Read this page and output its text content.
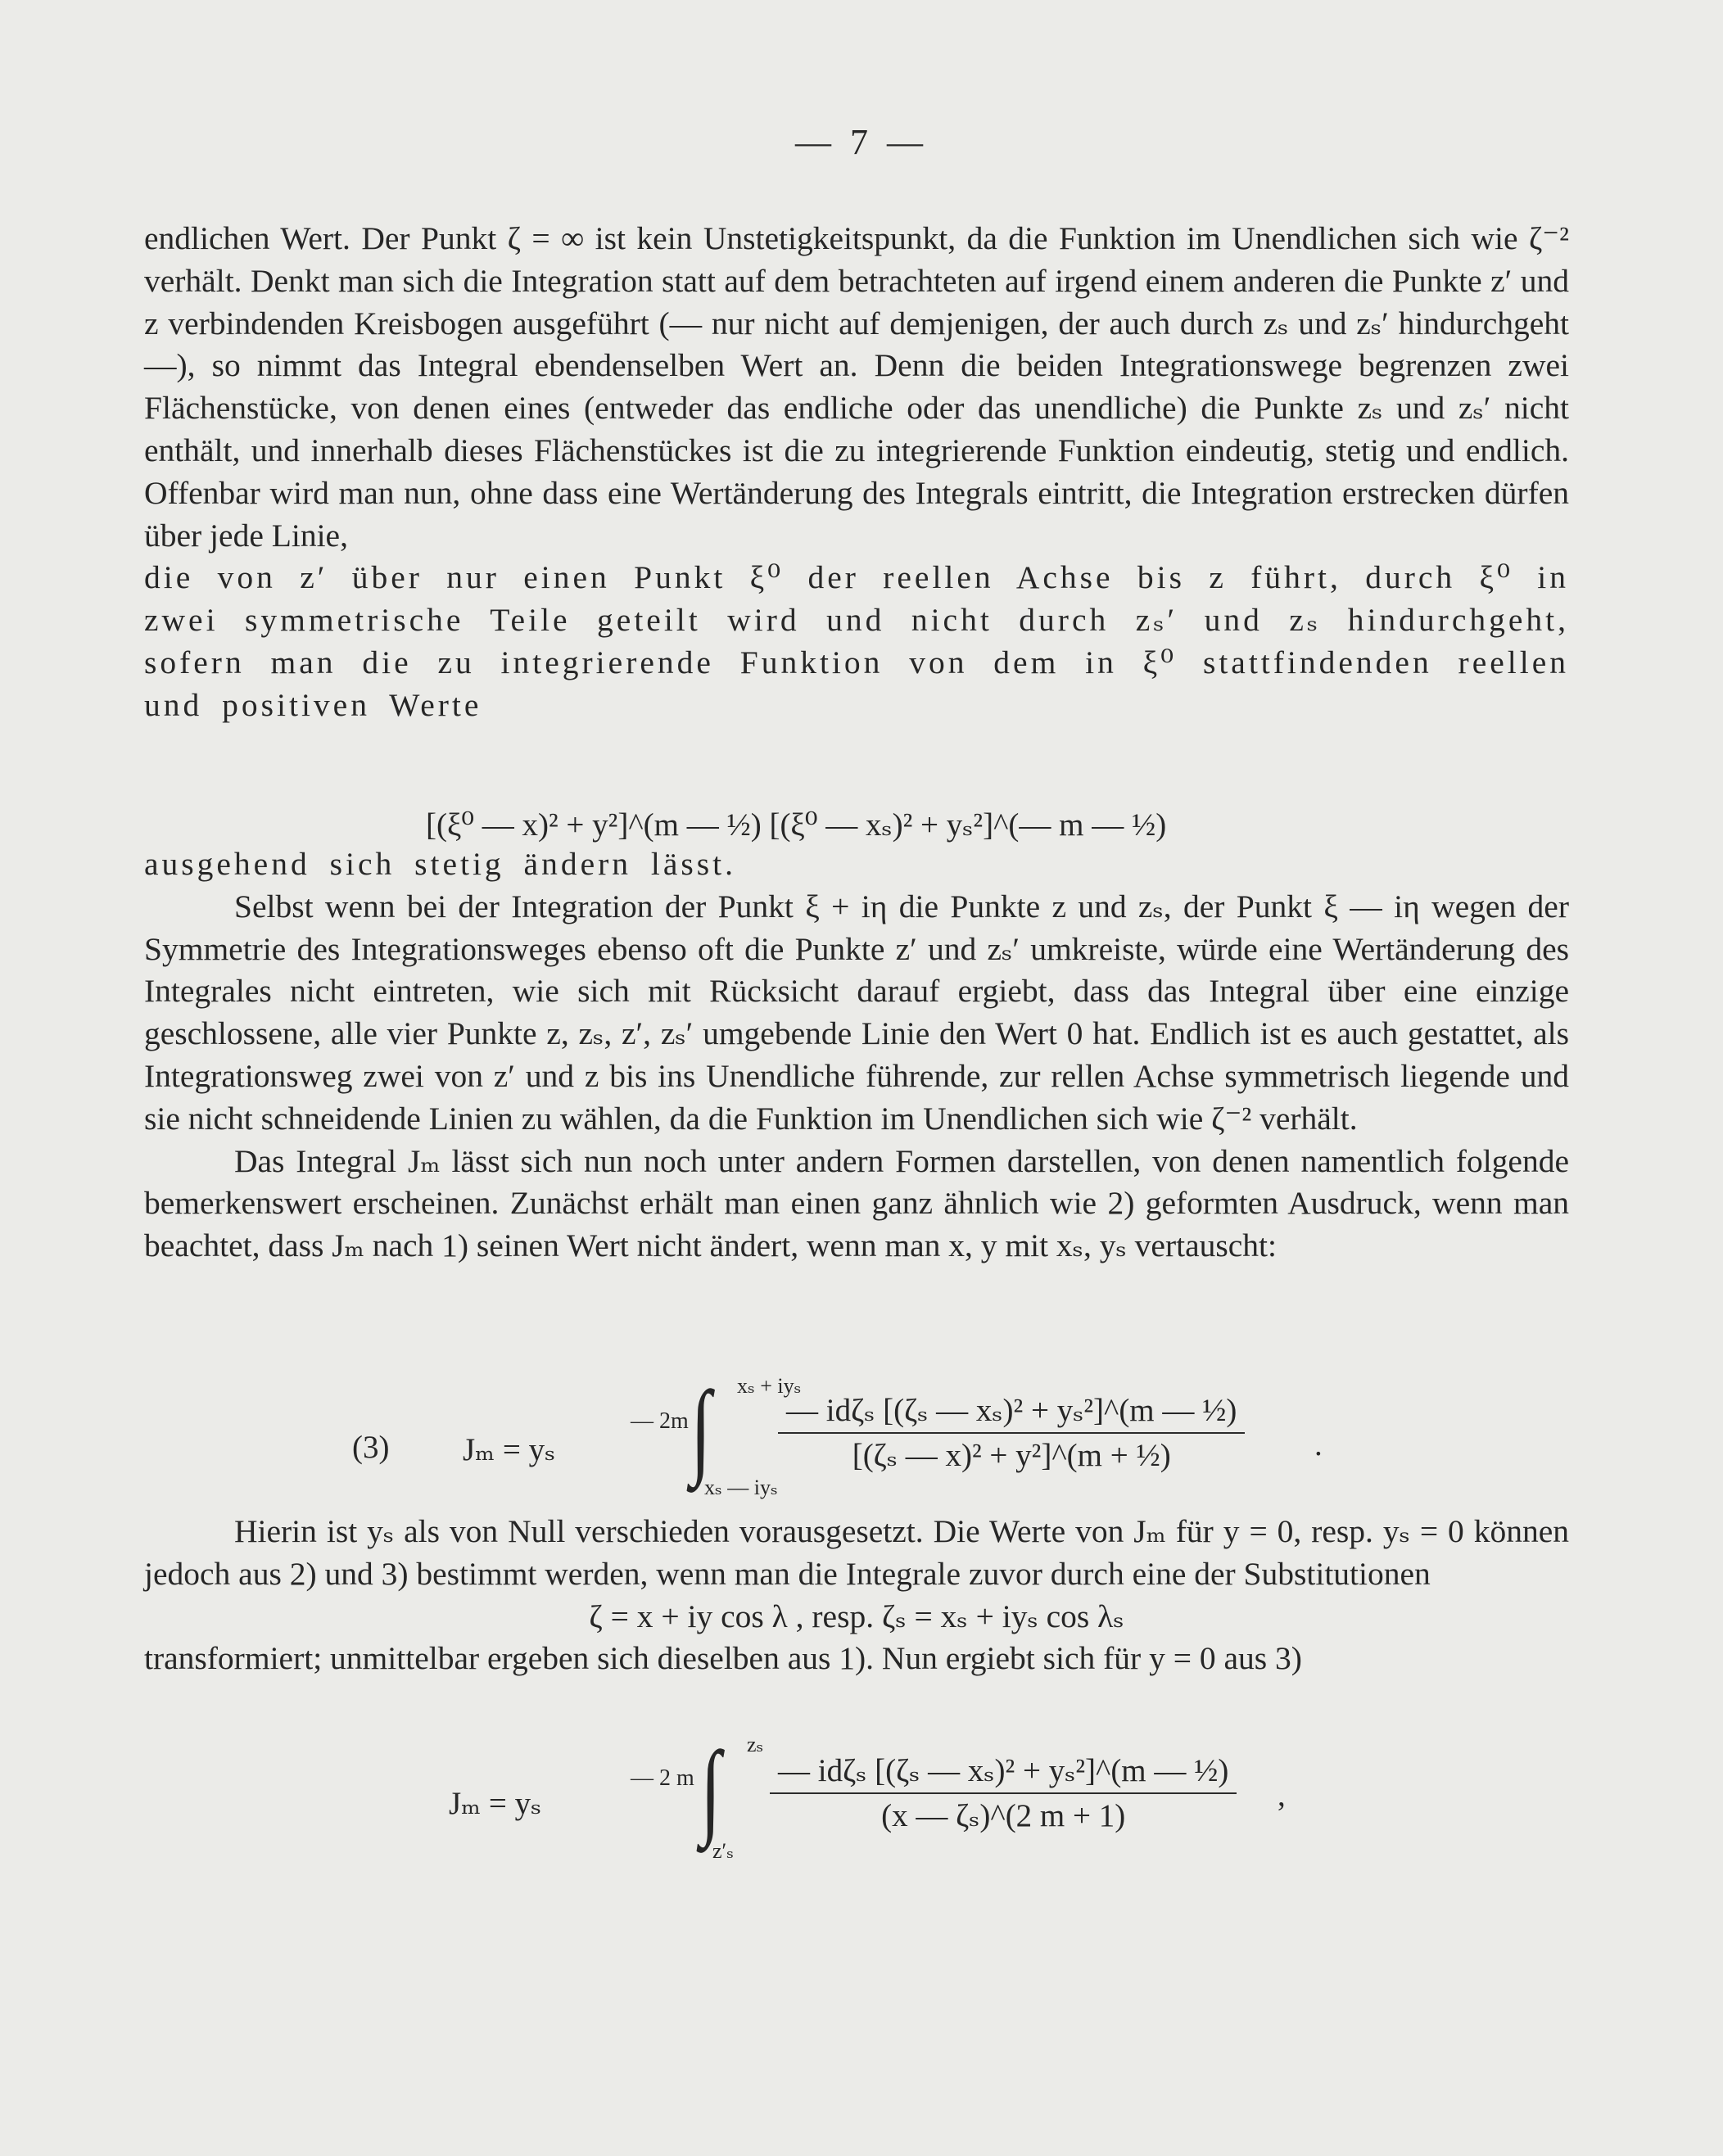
— 7 —

endlichen Wert. Der Punkt ζ = ∞ ist kein Unstetigkeitspunkt, da die Funktion im Unendlichen sich wie ζ⁻² verhält. Denkt man sich die Integration statt auf dem betrachteten auf irgend einem anderen die Punkte z′ und z verbindenden Kreisbogen ausgeführt (— nur nicht auf demjenigen, der auch durch zₛ und zₛ′ hindurchgeht —), so nimmt das Integral ebendenselben Wert an. Denn die beiden Integrationswege begrenzen zwei Flächenstücke, von denen eines (entweder das endliche oder das unendliche) die Punkte zₛ und zₛ′ nicht enthält, und innerhalb dieses Flächenstückes ist die zu integrierende Funktion eindeutig, stetig und endlich. Offenbar wird man nun, ohne dass eine Wertänderung des Integrals eintritt, die Integration erstrecken dürfen über jede Linie,

die von z′ über nur einen Punkt ξ⁰ der reellen Achse bis z führt, durch ξ⁰ in zwei symmetrische Teile geteilt wird und nicht durch zₛ′ und zₛ hindurchgeht, sofern man die zu integrierende Funktion von dem in ξ⁰ stattfindenden reellen und positiven Werte

[(ξ⁰ — x)² + y²]^(m — ½) [(ξ⁰ — xₛ)² + yₛ²]^(— m — ½)

ausgehend sich stetig ändern lässt.

Selbst wenn bei der Integration der Punkt ξ + iη die Punkte z und zₛ, der Punkt ξ — iη wegen der Symmetrie des Integrationsweges ebenso oft die Punkte z′ und zₛ′ umkreiste, würde eine Wertänderung des Integrales nicht eintreten, wie sich mit Rücksicht darauf ergiebt, dass das Integral über eine einzige geschlossene, alle vier Punkte z, zₛ, z′, zₛ′ umgebende Linie den Wert 0 hat. Endlich ist es auch gestattet, als Integrationsweg zwei von z′ und z bis ins Unendliche führende, zur rellen Achse symmetrisch liegende und sie nicht schneidende Linien zu wählen, da die Funktion im Unendlichen sich wie ζ⁻² verhält.

Das Integral Jₘ lässt sich nun noch unter andern Formen darstellen, von denen namentlich folgende bemerkenswert erscheinen. Zunächst erhält man einen ganz ähnlich wie 2) geformten Ausdruck, wenn man beachtet, dass Jₘ nach 1) seinen Wert nicht ändert, wenn man x, y mit xₛ, yₛ vertauscht:

(3) Jₘ = yₛ
— 2m ∫ xₛ + iyₛ
xₛ — iyₛ
$\frac{\text{— idζₛ [(ζₛ — xₛ)² + yₛ²]\textasciicircum{}(m — ½)}}{\text{[(ζₛ — x)² + y²]\textasciicircum{}(m + ½)}}$ .

Hierin ist yₛ als von Null verschieden vorausgesetzt. Die Werte von Jₘ für y = 0, resp. yₛ = 0 können jedoch aus 2) und 3) bestimmt werden, wenn man die Integrale zuvor durch eine der Substitutionen

ζ = x + iy cos λ , resp. ζₛ = xₛ + iyₛ cos λₛ

transformiert; unmittelbar ergeben sich dieselben aus 1). Nun ergiebt sich für y = 0 aus 3)

Jₘ = yₛ
— 2 m ∫ zₛ
z′ₛ
$\frac{\text{— idζₛ [(ζₛ — xₛ)² + yₛ²]\textasciicircum{}(m — ½)}}{\text{(x — ζₛ)\textasciicircum{}(2 m + 1)}}$ ,
